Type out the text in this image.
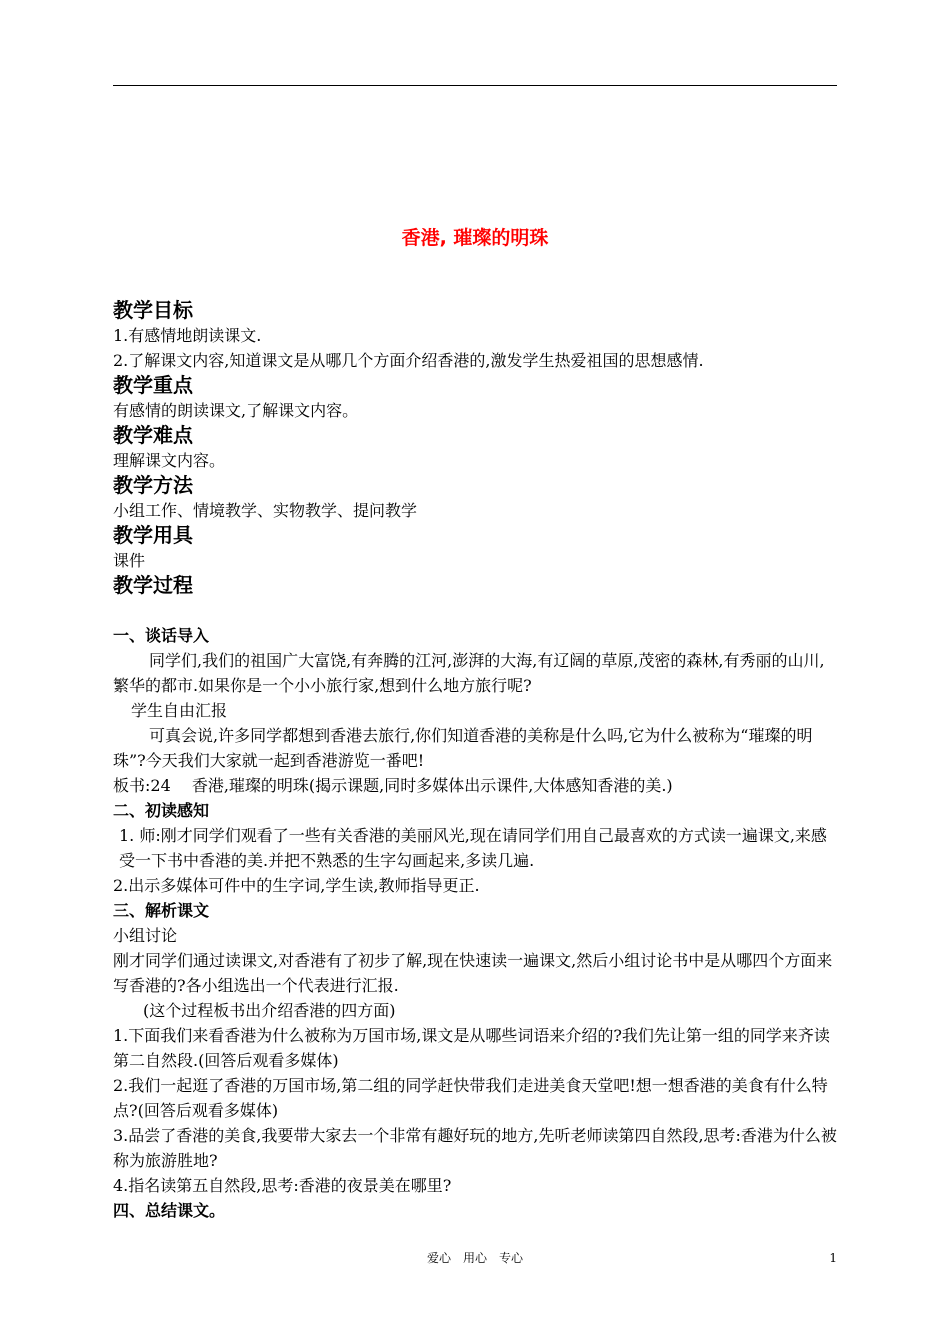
香港, 璀璨的明珠
教学目标
1.有感情地朗读课文.
2.了解课文内容,知道课文是从哪几个方面介绍香港的,激发学生热爱祖国的思想感情.
教学重点
有感情的朗读课文,了解课文内容。
教学难点
理解课文内容。
教学方法
小组工作、情境教学、实物教学、提问教学
教学用具
课件
教学过程
一、谈话导入
同学们,我们的祖国广大富饶,有奔腾的江河,澎湃的大海,有辽阔的草原,茂密的森林,有秀丽的山川,繁华的都市.如果你是一个小小旅行家,想到什么地方旅行呢?
学生自由汇报
可真会说,许多同学都想到香港去旅行,你们知道香港的美称是什么吗,它为什么被称为“璀璨的明珠”?今天我们大家就一起到香港游览一番吧!
板书:24　 香港,璀璨的明珠(揭示课题,同时多媒体出示课件,大体感知香港的美.)
二、初读感知
1. 师:刚才同学们观看了一些有关香港的美丽风光,现在请同学们用自己最喜欢的方式读一遍课文,来感受一下书中香港的美.并把不熟悉的生字勾画起来,多读几遍.
2.出示多媒体可件中的生字词,学生读,教师指导更正.
三、解析课文
小组讨论
刚才同学们通过读课文,对香港有了初步了解,现在快速读一遍课文,然后小组讨论书中是从哪四个方面来写香港的?各小组选出一个代表进行汇报.
(这个过程板书出介绍香港的四方面)
1.下面我们来看香港为什么被称为万国市场,课文是从哪些词语来介绍的?我们先让第一组的同学来齐读第二自然段.(回答后观看多媒体)
2.我们一起逛了香港的万国市场,第二组的同学赶快带我们走进美食天堂吧!想一想香港的美食有什么特点?(回答后观看多媒体)
3.品尝了香港的美食,我要带大家去一个非常有趣好玩的地方,先听老师读第四自然段,思考:香港为什么被称为旅游胜地?
4.指名读第五自然段,思考:香港的夜景美在哪里?
四、总结课文。
爱心　用心　专心	1
